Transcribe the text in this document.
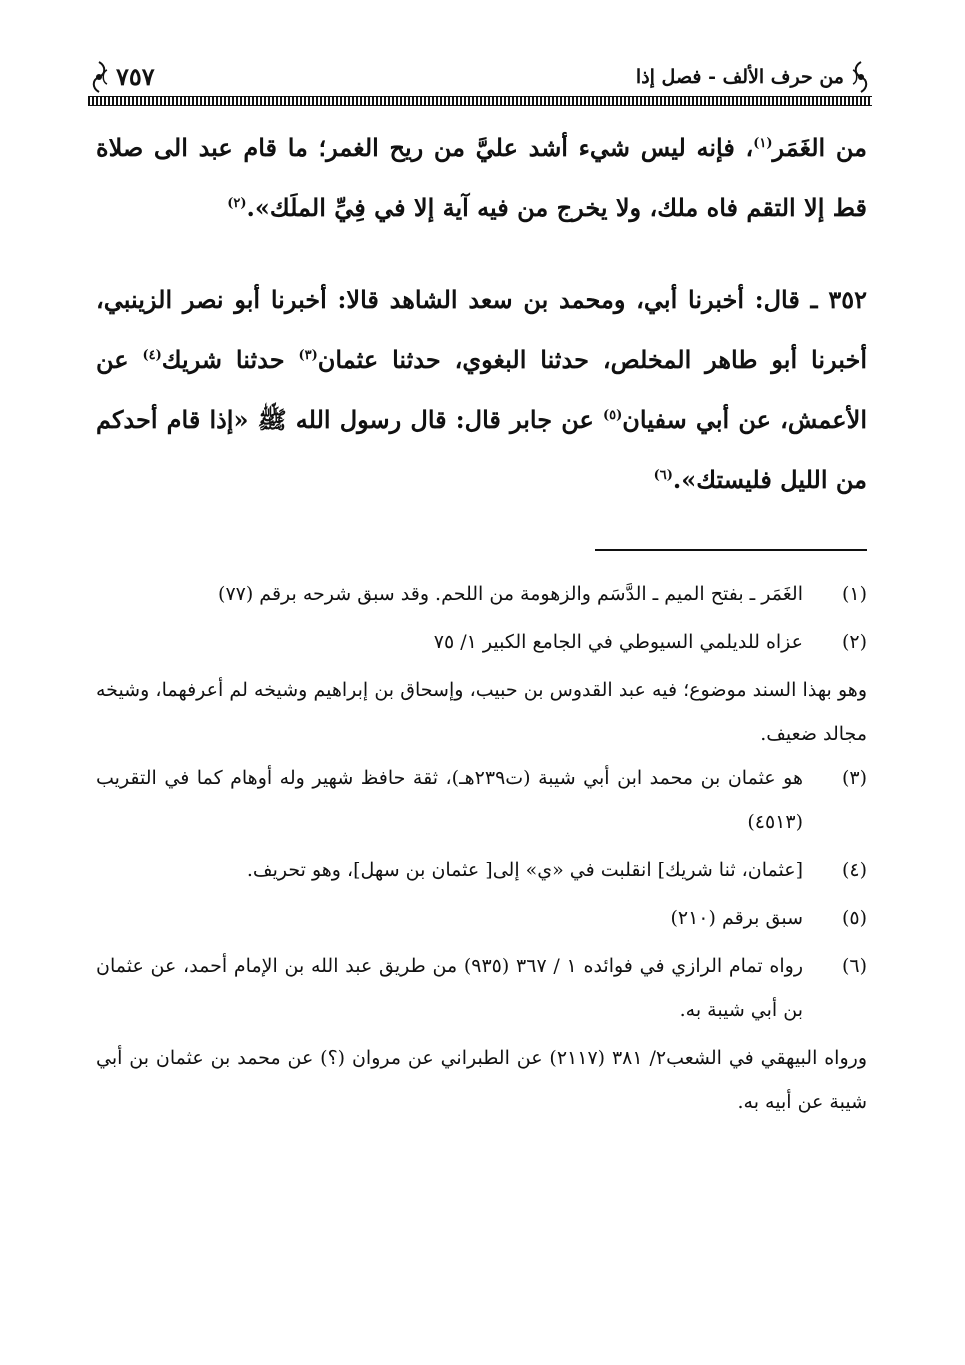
من حرف الألف - فصل إذا
٧٥٧

من الغَمَر$^{(١)}$، فإنه ليس شيء أشد عليَّ من ريح الغمر؛ ما قام عبد الى صلاة قط إلا التقم فاه ملك، ولا يخرج من فيه آية إلا في فِيِّ الملَك».$^{(٢)}$

٣٥٢ ـ قال: أخبرنا أبي، ومحمد بن سعد الشاهد قالا: أخبرنا أبو نصر الزينبي، أخبرنا أبو طاهر المخلص، حدثنا البغوي، حدثنا عثمان$^{(٣)}$ حدثنا شريك$^{(٤)}$ عن الأعمش، عن أبي سفيان$^{(٥)}$ عن جابر قال: قال رسول الله ﷺ «إذا قام أحدكم من الليل فليستك».$^{(٦)}$

(١)
الغَمَر ـ بفتح الميم ـ الدَّسَم والزهومة من اللحم. وقد سبق شرحه برقم (٧٧)
(٢)
عزاه للديلمي السيوطي في الجامع الكبير ١/ ٧٥

وهو بهذا السند موضوع؛ فيه عبد القدوس بن حبيب، وإسحاق بن إبراهيم وشيخه لم أعرفهما، وشيخه مجالد ضعيف.

(٣)
هو عثمان بن محمد ابن أبي شيبة (ت٢٣٩هـ)، ثقة حافظ شهير وله أوهام كما في التقريب (٤٥١٣)
(٤)
[عثمان، ثنا شريك] انقلبت في «ي» إلى[ عثمان بن سهل]، وهو تحريف.
(٥)
سبق برقم (٢١٠)
(٦)
رواه تمام الرازي في فوائده ١ / ٣٦٧ (٩٣٥) من طريق عبد الله بن الإمام أحمد، عن عثمان بن أبي شيبة به.

ورواه البيهقي في الشعب٢/ ٣٨١ (٢١١٧) عن الطبراني عن مروان (؟) عن محمد بن عثمان بن أبي شيبة عن أبيه به.
